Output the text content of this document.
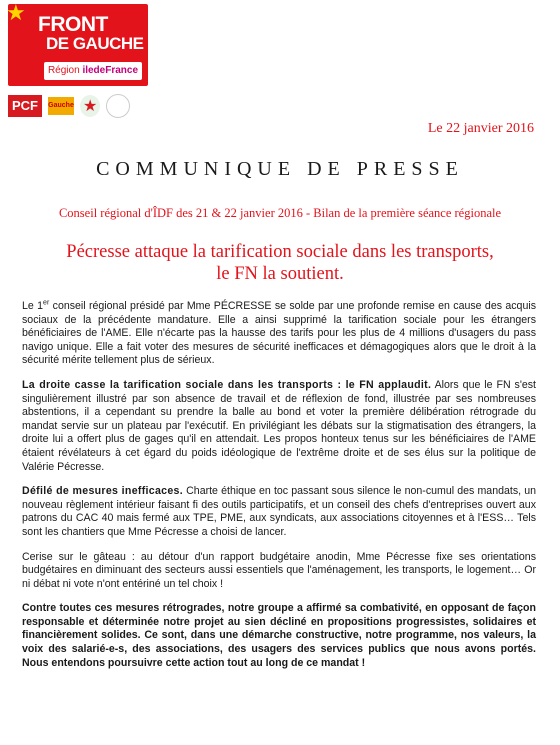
★ FRONT
DE GAUCHE
Région iledeFrance
PCF	Gauche
★
Le 22 janvier 2016
COMMUNIQUE DE PRESSE
Conseil régional d'ÎDF des 21 & 22 janvier 2016 - Bilan de la première séance régionale
Pécresse attaque la tarification sociale dans les transports,
le FN la soutient.

Le 1er conseil régional présidé par Mme PÉCRESSE se solde par une profonde remise en cause des acquis sociaux de la précédente mandature. Elle a ainsi supprimé la tarification sociale pour les étrangers bénéficiaires de l'AME. Elle n'écarte pas la hausse des tarifs pour les plus de 4 millions d'usagers du pass navigo unique. Elle a fait voter des mesures de sécurité inefficaces et démagogiques alors que le droit à la sécurité mérite tellement plus de sérieux.

La droite casse la tarification sociale dans les transports : le FN applaudit. Alors que le FN s'est singulièrement illustré par son absence de travail et de réflexion de fond, illustrée par ses nombreuses abstentions, il a cependant su prendre la balle au bond et voter la première délibération rétrograde du mandat servie sur un plateau par l'exécutif. En privilégiant les débats sur la stigmatisation des étrangers, la droite lui a offert plus de gages qu'il en attendait. Les propos honteux tenus sur les bénéficiaires de l'AME étaient révélateurs à cet égard du poids idéologique de l'extrême droite et de ses élus sur la politique de Valérie Pécresse.

Défilé de mesures inefficaces. Charte éthique en toc passant sous silence le non-cumul des mandats, un nouveau règlement intérieur faisant fi des outils participatifs, et un conseil des chefs d'entreprises ouvert aux patrons du CAC 40 mais fermé aux TPE, PME, aux syndicats, aux associations citoyennes et à l'ESS… Tels sont les chantiers que Mme Pécresse a choisi de lancer.

Cerise sur le gâteau : au détour d'un rapport budgétaire anodin, Mme Pécresse fixe ses orientations budgétaires en diminuant des secteurs aussi essentiels que l'aménagement, les transports, le logement… Or ni débat ni vote n'ont entériné un tel choix !

Contre toutes ces mesures rétrogrades, notre groupe a affirmé sa combativité, en opposant de façon responsable et déterminée notre projet au sien décliné en propositions progressistes, solidaires et financièrement solides. Ce sont, dans une démarche constructive, notre programme, nos valeurs, la voix des salarié-e-s, des associations, des usagers des services publics que nous avons portés. Nous entendons poursuivre cette action tout au long de ce mandat !
